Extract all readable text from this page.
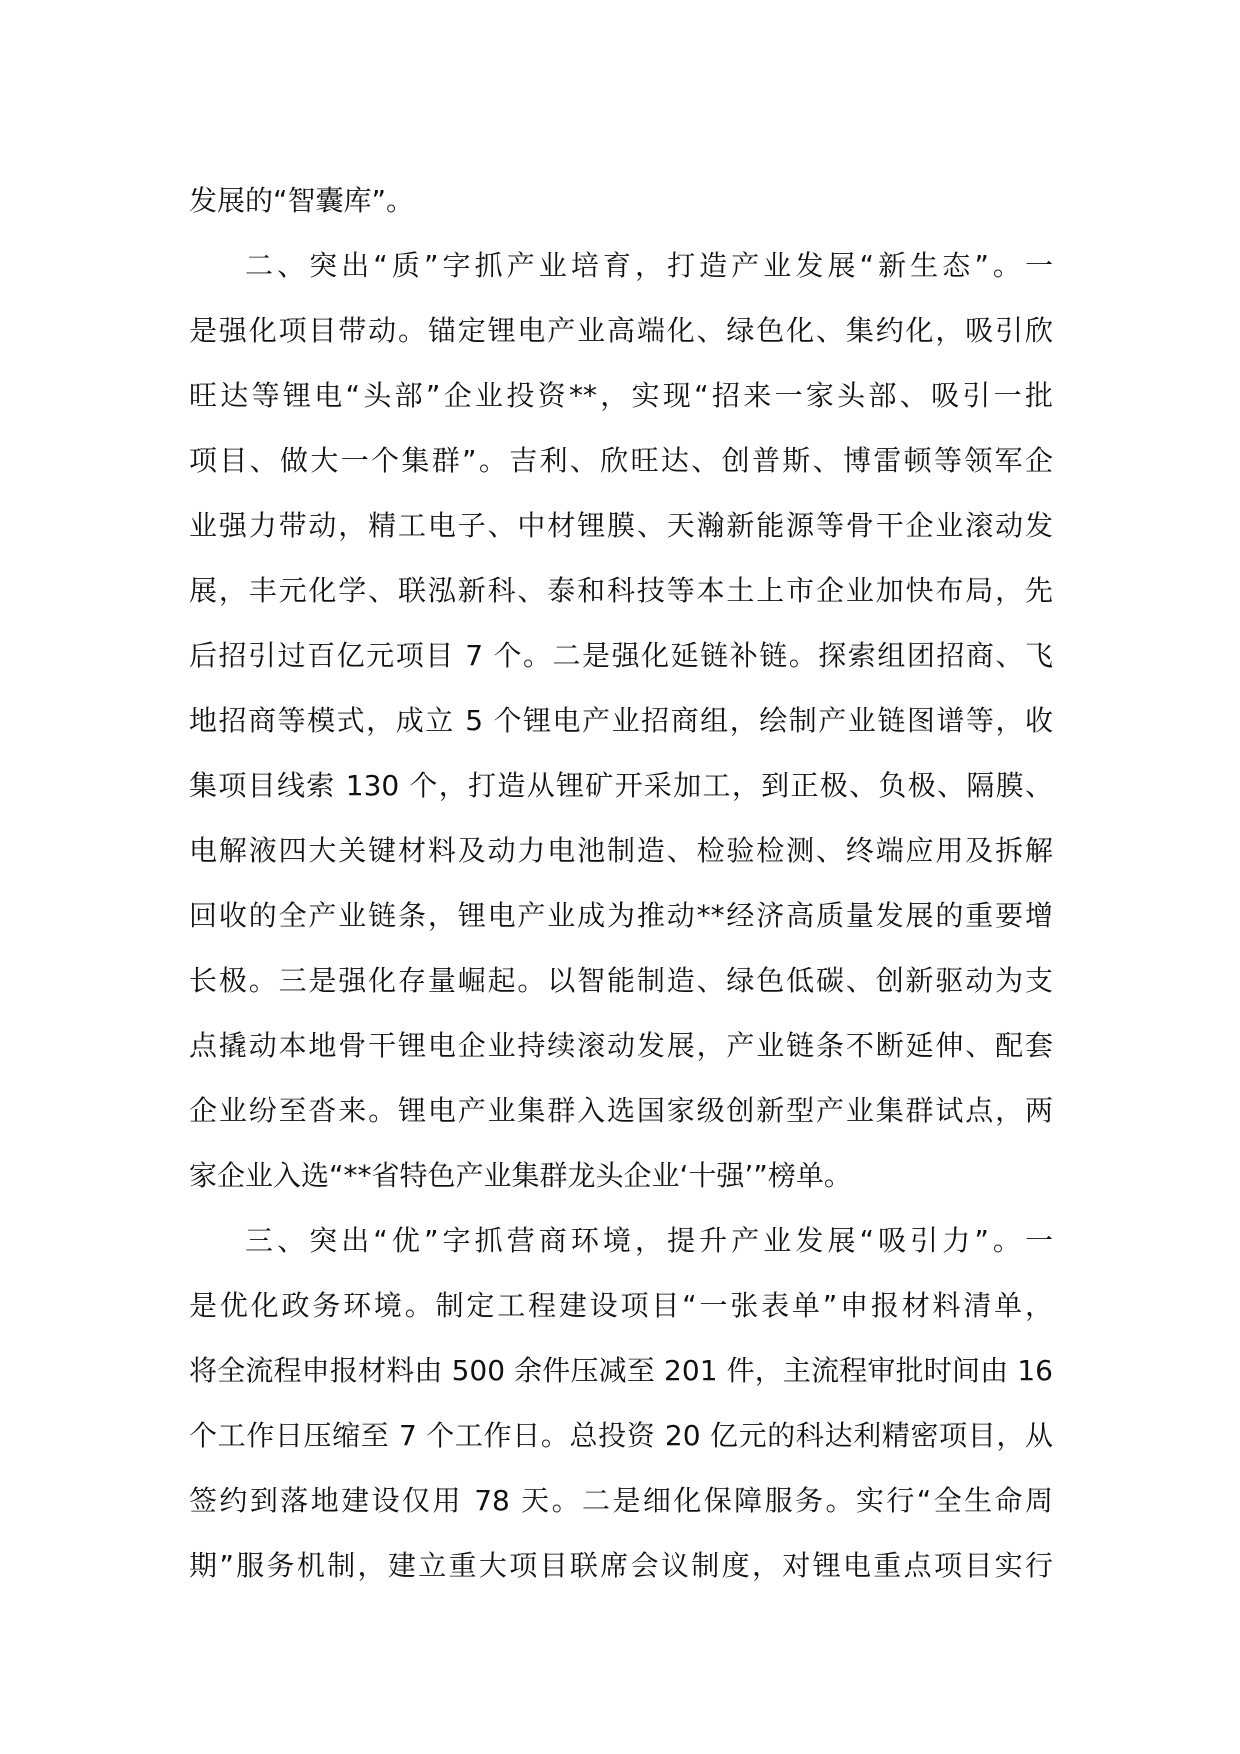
发展的“智囊库”。
二、突出“质”字抓产业培育，打造产业发展“新生态”。一
是强化项目带动。锚定锂电产业高端化、绿色化、集约化，吸引欣
旺达等锂电“头部”企业投资**，实现“招来一家头部、吸引一批
项目、做大一个集群”。吉利、欣旺达、创普斯、博雷顿等领军企
业强力带动，精工电子、中材锂膜、天瀚新能源等骨干企业滚动发
展，丰元化学、联泓新科、泰和科技等本土上市企业加快布局，先
后招引过百亿元项目 7 个。二是强化延链补链。探索组团招商、飞
地招商等模式，成立 5 个锂电产业招商组，绘制产业链图谱等，收
集项目线索 130 个，打造从锂矿开采加工，到正极、负极、隔膜、
电解液四大关键材料及动力电池制造、检验检测、终端应用及拆解
回收的全产业链条，锂电产业成为推动**经济高质量发展的重要增
长极。三是强化存量崛起。以智能制造、绿色低碳、创新驱动为支
点撬动本地骨干锂电企业持续滚动发展，产业链条不断延伸、配套
企业纷至沓来。锂电产业集群入选国家级创新型产业集群试点，两
家企业入选“**省特色产业集群龙头企业‘十强’”榜单。
三、突出“优”字抓营商环境，提升产业发展“吸引力”。一
是优化政务环境。制定工程建设项目“一张表单”申报材料清单，
将全流程申报材料由 500 余件压减至 201 件，主流程审批时间由 16
个工作日压缩至 7 个工作日。总投资 20 亿元的科达利精密项目，从
签约到落地建设仅用 78 天。二是细化保障服务。实行“全生命周
期”服务机制，建立重大项目联席会议制度，对锂电重点项目实行
